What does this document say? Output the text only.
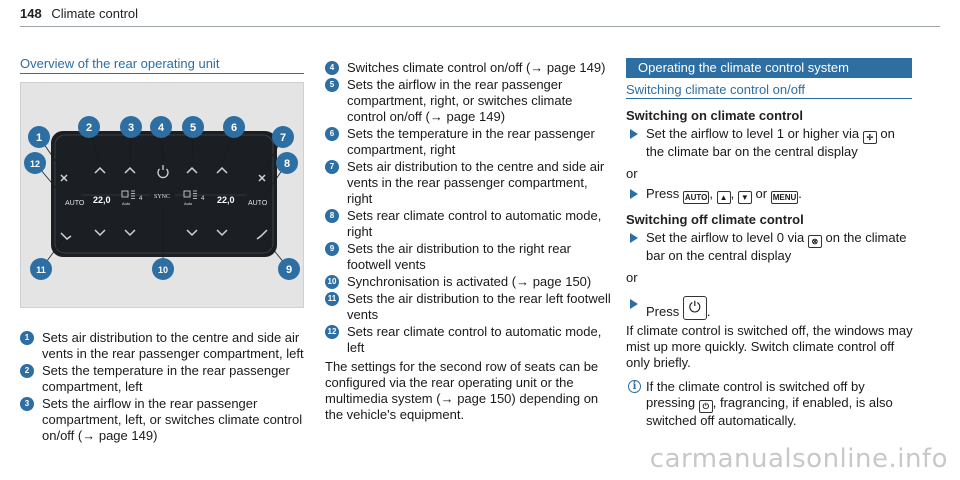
148 Climate control
Overview of the rear operating unit
AUTO 22,0	Auto
4 SYNC
Auto
4 22,0 AUTO
1
2	3 4 5	6
7
8
9
10
11
12
1 Sets air distribution to the centre and side air vents in the rear passenger compartment, left
2 Sets the temperature in the rear passenger compartment, left
3 Sets the airflow in the rear passenger compartment, left, or switches climate control on/off (→ page 149)
4 Switches climate control on/off (→ page 149)
5 Sets the airflow in the rear passenger compartment, right, or switches climate control on/off (→ page 149)
6 Sets the temperature in the rear passenger compartment, right
7 Sets air distribution to the centre and side air vents in the rear passenger compartment, right
8 Sets rear climate control to automatic mode, right
9 Sets the air distribution to the right rear footwell vents
10 Synchronisation is activated (→ page 150)
11 Sets the air distribution to the rear left footwell vents
12 Sets rear climate control to automatic mode, left
The settings for the second row of seats can be configured via the rear operating unit or the multimedia system (→ page 150) depending on the vehicle's equipment.
Operating the climate control system
Switching climate control on/off
Switching on climate control
Set the airflow to level 1 or higher via ✢ on the climate bar on the central display
or
Press AUTO , ▲ , ▼ or MENU .
Switching off climate control
Set the airflow to level 0 via ⊗ on the climate bar on the central display
or
Press ⏻ .
If climate control is switched off, the windows may mist up more quickly. Switch climate control off only briefly.
i If the climate control is switched off by pressing ⏻ , fragrancing, if enabled, is also switched off automatically.
carmanualsonline.info
